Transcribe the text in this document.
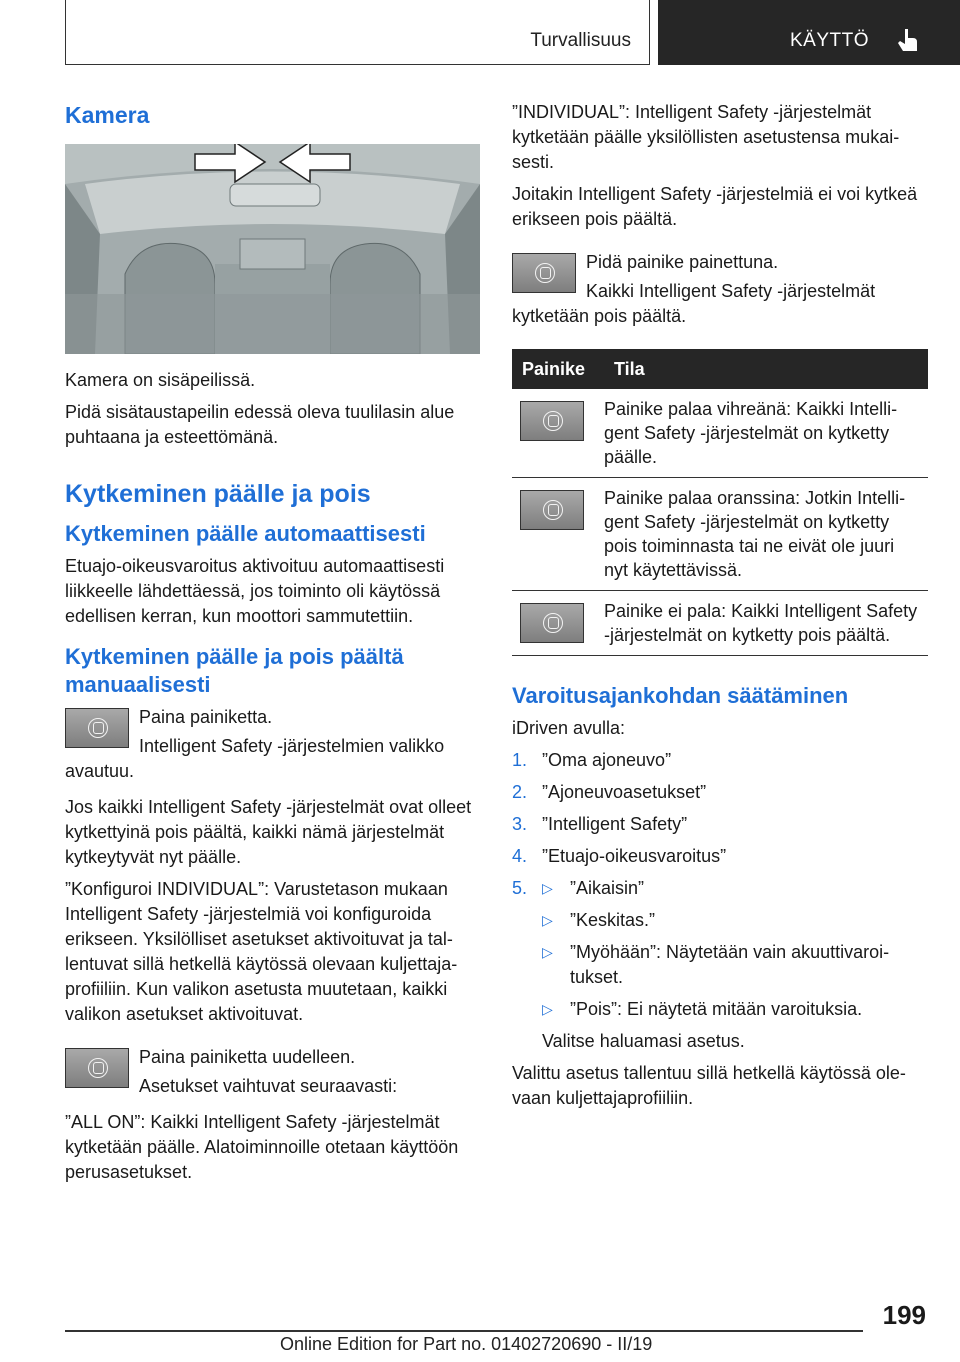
Turvallisuus	KÄYTTÖ
Kamera

Kamera on sisäpeilissä.

Pidä sisätaustapeilin edessä oleva tuulilasin alue puhtaana ja esteettömänä.

Kytkeminen päälle ja pois
Kytkeminen päälle automaattisesti

Etuajo-oikeusvaroitus aktivoituu automaattisesti liikkeelle lähdettäessä, jos toiminto oli käytössä edellisen kerran, kun moottori sammutettiin.

Kytkeminen päälle ja pois päältä manuaalisesti

Paina painiketta.

Intelligent Safety -järjestelmien valikko avautuu.

Jos kaikki Intelligent Safety -järjestelmät ovat olleet kytkettyinä pois päältä, kaikki nämä järjestelmät kytkeytyvät nyt päälle.

”Konfiguroi INDIVIDUAL”: Varustetason mukaan Intelligent Safety -järjestelmiä voi konfiguroida erikseen. Yksilölliset asetukset aktivoituvat ja tallentuvat sillä hetkellä käytössä olevaan kuljettajaprofiiliin. Kun valikon asetusta muutetaan, kaikki valikon asetukset aktivoituvat.

Paina painiketta uudelleen.

Asetukset vaihtuvat seuraavasti:

”ALL ON”: Kaikki Intelligent Safety -järjestelmät kytketään päälle. Alatoiminnoille otetaan käyttöön perusasetukset.

”INDIVIDUAL”: Intelligent Safety -järjestelmät kytketään päälle yksilöllisten asetustensa mukaisesti.

Joitakin Intelligent Safety -järjestelmiä ei voi kytkeä erikseen pois päältä.

Pidä painike painettuna.

Kaikki Intelligent Safety -järjestelmät kytketään pois päältä.

Painike	Tila

	Painike palaa vihreänä: Kaikki Intelligent Safety -järjestelmät on kytketty päälle.

	Painike palaa oranssina: Jotkin Intelligent Safety -järjestelmät on kytketty pois toiminnasta tai ne eivät ole juuri nyt käytettävissä.

	Painike ei pala: Kaikki Intelligent Safety -järjestelmät on kytketty pois päältä.
Varoitusajankohdan säätäminen

iDriven avulla:

1. ”Oma ajoneuvo”
2. ”Ajoneuvoasetukset”
3. ”Intelligent Safety”
4. ”Etuajo-oikeusvaroitus”
5. ▷ ”Aikaisin”
▷ ”Keskitas.”
▷ ”Myöhään”: Näytetään vain akuuttivaroitukset.
▷ ”Pois”: Ei näytetä mitään varoituksia.

Valitse haluamasi asetus.

Valittu asetus tallentuu sillä hetkellä käytössä olevaan kuljettajaprofiiliin.

199
Online Edition for Part no. 01402720690 - II/19
